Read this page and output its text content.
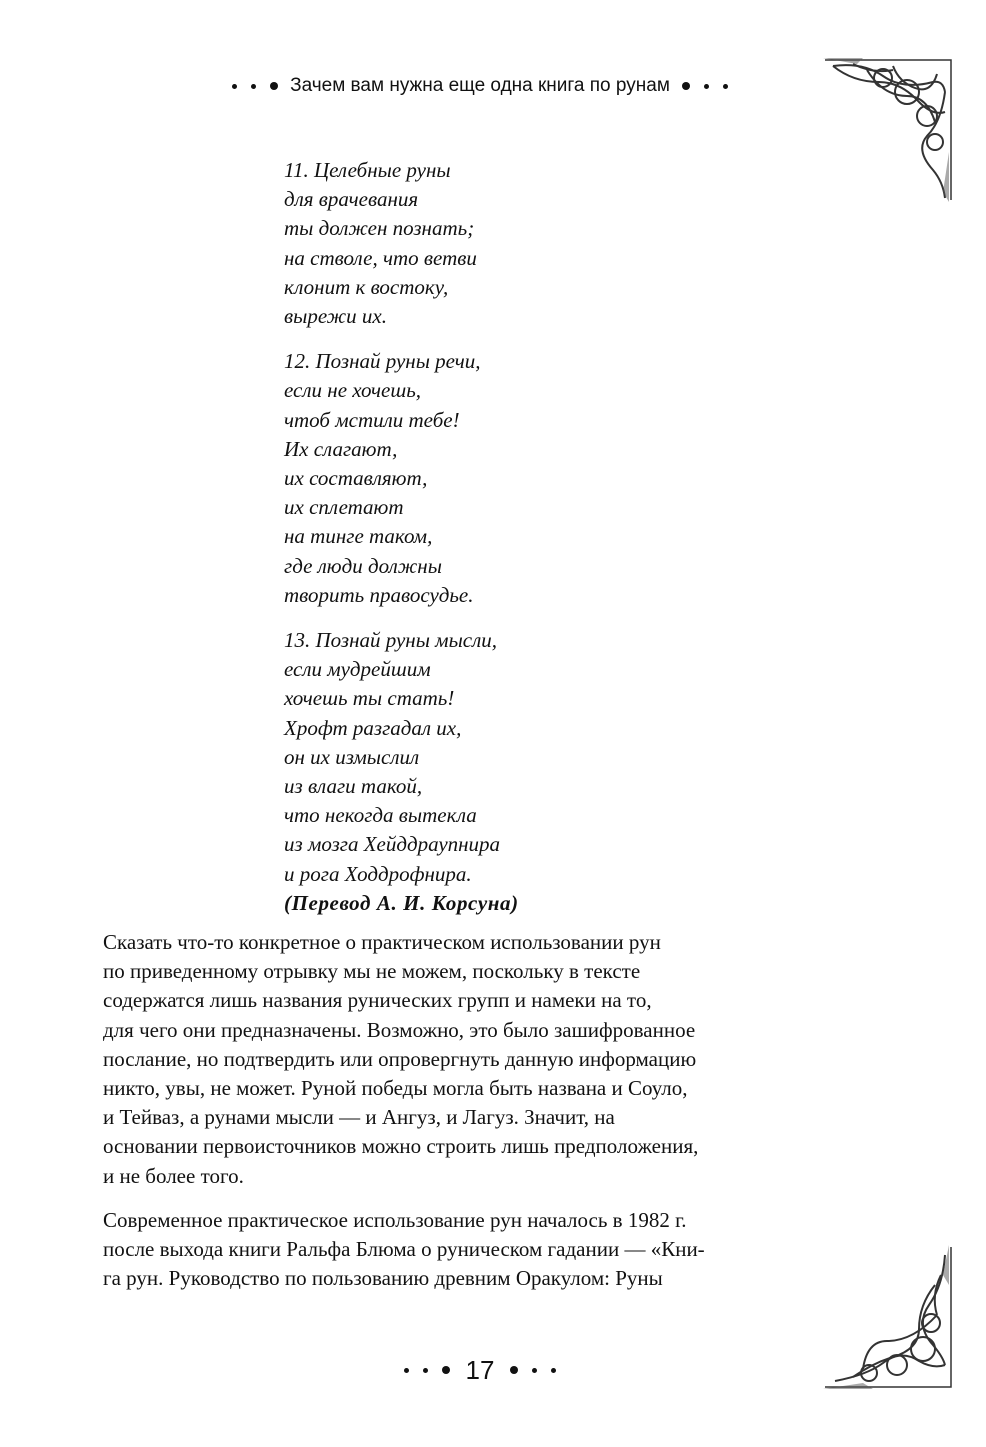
Зачем вам нужна еще одна книга по рунам
11. Целебные руны
для врачевания
ты должен познать;
на стволе, что ветви
клонит к востоку,
вырежи их.
12. Познай руны речи,
если не хочешь,
чтоб мстили тебе!
Их слагают,
их составляют,
их сплетают
на тинге таком,
где люди должны
творить правосудье.
13. Познай руны мысли,
если мудрейшим
хочешь ты стать!
Хрофт разгадал их,
он их измыслил
из влаги такой,
что некогда вытекла
из мозга Хейддраупнира
и рога Ходдрофнира.
(Перевод А. И. Корсуна)
Сказать что-то конкретное о практическом использовании рун
по приведенному отрывку мы не можем, поскольку в тексте
содержатся лишь названия рунических групп и намеки на то,
для чего они предназначены. Возможно, это было зашифрованное
послание, но подтвердить или опровергнуть данную информацию
никто, увы, не может. Руной победы могла быть названа и Соуло,
и Тейваз, а рунами мысли — и Ангуз, и Лагуз. Значит, на
основании первоисточников можно строить лишь предположения,
и не более того.
Современное практическое использование рун началось в 1982 г.
после выхода книги Ральфа Блюма о руническом гадании — «Кни-
га рун. Руководство по пользованию древним Оракулом: Руны
17
